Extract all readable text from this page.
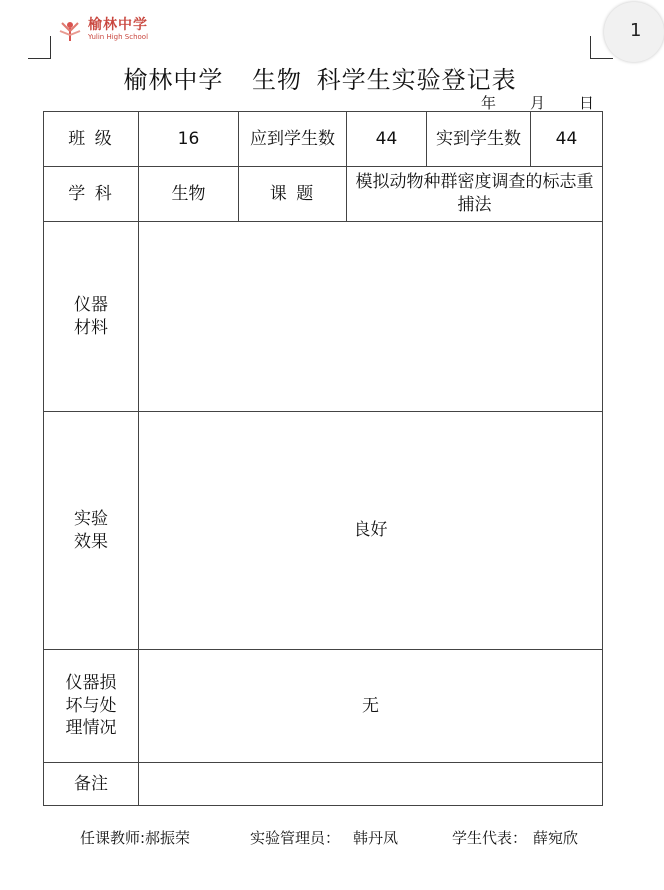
榆林中学
Yulin High School	1
榆林中学 生物 科学生实验登记表
年 月 日
班 级	16	应到学生数	44	实到学生数	44
学 科	生物	课 题	模拟动物种群密度调查的标志重捕法		
仪器
材料					
实验
效果	良好				
仪器损
坏与处
理情况	无				
备注					
任课教师:郝振荣	实验管理员： 韩丹凤	学生代表： 薛宛欣
